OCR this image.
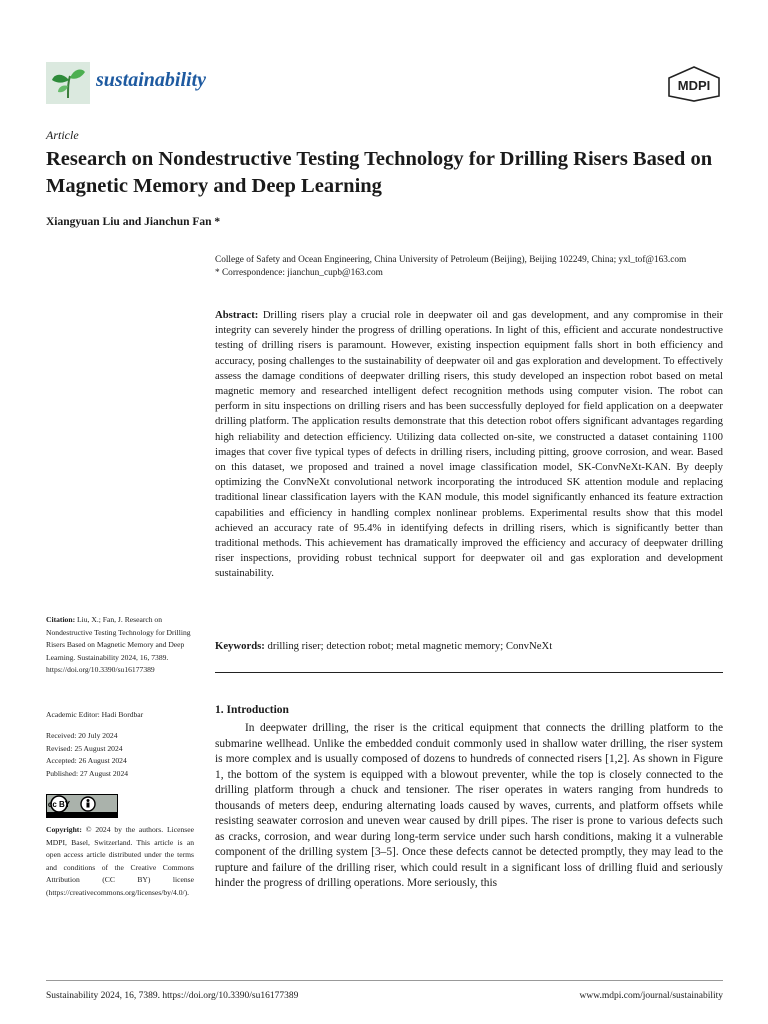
sustainability	MDPI
Article
Research on Nondestructive Testing Technology for Drilling Risers Based on Magnetic Memory and Deep Learning
Xiangyuan Liu and Jianchun Fan *

College of Safety and Ocean Engineering, China University of Petroleum (Beijing), Beijing 102249, China; yxl_tof@163.com

* Correspondence: jianchun_cupb@163.com

Abstract: Drilling risers play a crucial role in deepwater oil and gas development, and any compromise in their integrity can severely hinder the progress of drilling operations. In light of this, efficient and accurate nondestructive testing of drilling risers is paramount. However, existing inspection equipment falls short in both efficiency and accuracy, posing challenges to the sustainability of deepwater oil and gas exploration and development. To effectively assess the damage conditions of deepwater drilling risers, this study developed an inspection robot based on metal magnetic memory and researched intelligent defect recognition methods using computer vision. The robot can perform in situ inspections on drilling risers and has been successfully deployed for field application on a deepwater drilling platform. The application results demonstrate that this detection robot offers significant advantages regarding high reliability and detection efficiency. Utilizing data collected on-site, we constructed a dataset containing 1100 images that cover five typical types of defects in drilling risers, including pitting, groove corrosion, and wear. Based on this dataset, we proposed and trained a novel image classification model, SK-ConvNeXt-KAN. By deeply optimizing the ConvNeXt convolutional network incorporating the introduced SK attention module and replacing traditional linear classification layers with the KAN module, this model significantly enhanced its feature extraction capabilities and efficiency in handling complex nonlinear problems. Experimental results show that this model achieved an accuracy rate of 95.4% in identifying defects in drilling risers, which is significantly better than traditional methods. This achievement has dramatically improved the efficiency and accuracy of deepwater drilling riser inspections, providing robust technical support for deepwater oil and gas exploration and development sustainability.
Keywords: drilling riser; detection robot; metal magnetic memory; ConvNeXt
1. Introduction
In deepwater drilling, the riser is the critical equipment that connects the drilling platform to the submarine wellhead. Unlike the embedded conduit commonly used in shallow water drilling, the riser system is more complex and is usually composed of dozens to hundreds of connected risers [1,2]. As shown in Figure 1, the bottom of the system is equipped with a blowout preventer, while the top is closely connected to the drilling platform through a chuck and tensioner. The riser operates in waters ranging from hundreds to thousands of meters deep, enduring alternating loads caused by waves, currents, and platform offsets while resisting seawater corrosion and uneven wear caused by drill pipes. The riser is prone to various defects such as cracks, corrosion, and wear during long-term service under such harsh conditions, making it a vulnerable component of the drilling system [3–5]. Once these defects cannot be detected promptly, they may lead to the rupture and failure of the drilling riser, which could result in a significant loss of drilling fluid and seriously hinder the progress of drilling operations. More seriously, this

Citation: Liu, X.; Fan, J. Research on Nondestructive Testing Technology for Drilling Risers Based on Magnetic Memory and Deep Learning. Sustainability 2024, 16, 7389. https://doi.org/10.3390/su16177389

Academic Editor: Hadi Bordbar

Received: 20 July 2024

Revised: 25 August 2024

Accepted: 26 August 2024

Published: 27 August 2024

cc BY

Copyright: © 2024 by the authors. Licensee MDPI, Basel, Switzerland. This article is an open access article distributed under the terms and conditions of the Creative Commons Attribution (CC BY) license (https://creativecommons.org/licenses/by/4.0/).

Sustainability 2024, 16, 7389. https://doi.org/10.3390/su16177389	www.mdpi.com/journal/sustainability
